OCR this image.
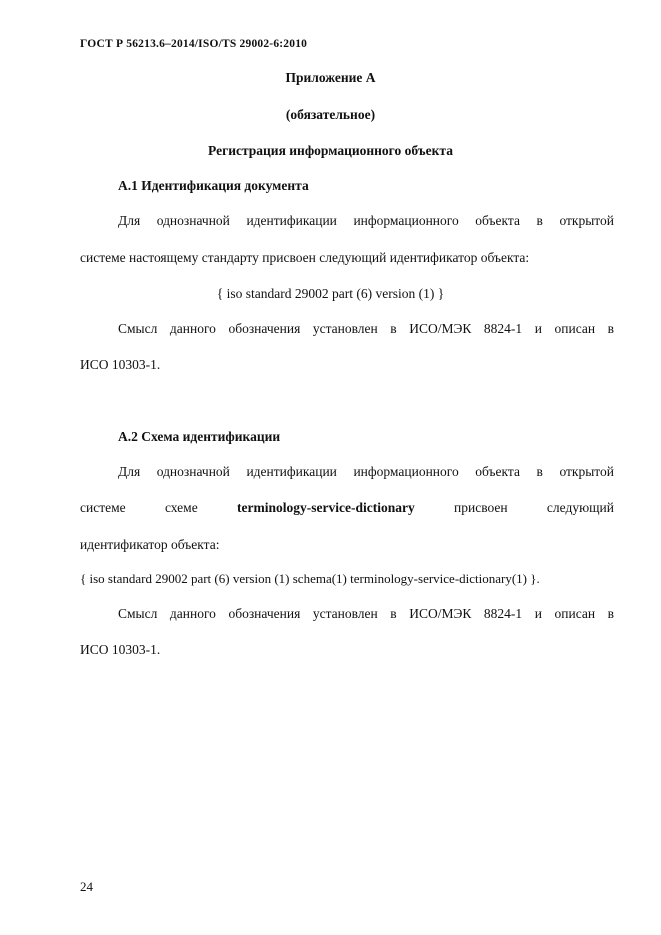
ГОСТ Р 56213.6–2014/ISO/TS 29002-6:2010
Приложение А
(обязательное)
Регистрация информационного объекта
А.1 Идентификация документа
Для однозначной идентификации информационного объекта в открытой
системе настоящему стандарту присвоен следующий идентификатор объекта:
{ iso standard 29002 part (6) version (1) }
Смысл данного обозначения установлен в ИСО/МЭК 8824-1 и описан в
ИСО 10303-1.
А.2 Схема идентификации
Для однозначной идентификации информационного объекта в открытой
системе	схеме	terminology-service-dictionary	присвоен	следующий
идентификатор объекта:
{ iso standard 29002 part (6) version (1) schema(1) terminology-service-dictionary(1) }.
Смысл данного обозначения установлен в ИСО/МЭК 8824-1 и описан в
ИСО 10303-1.
24
